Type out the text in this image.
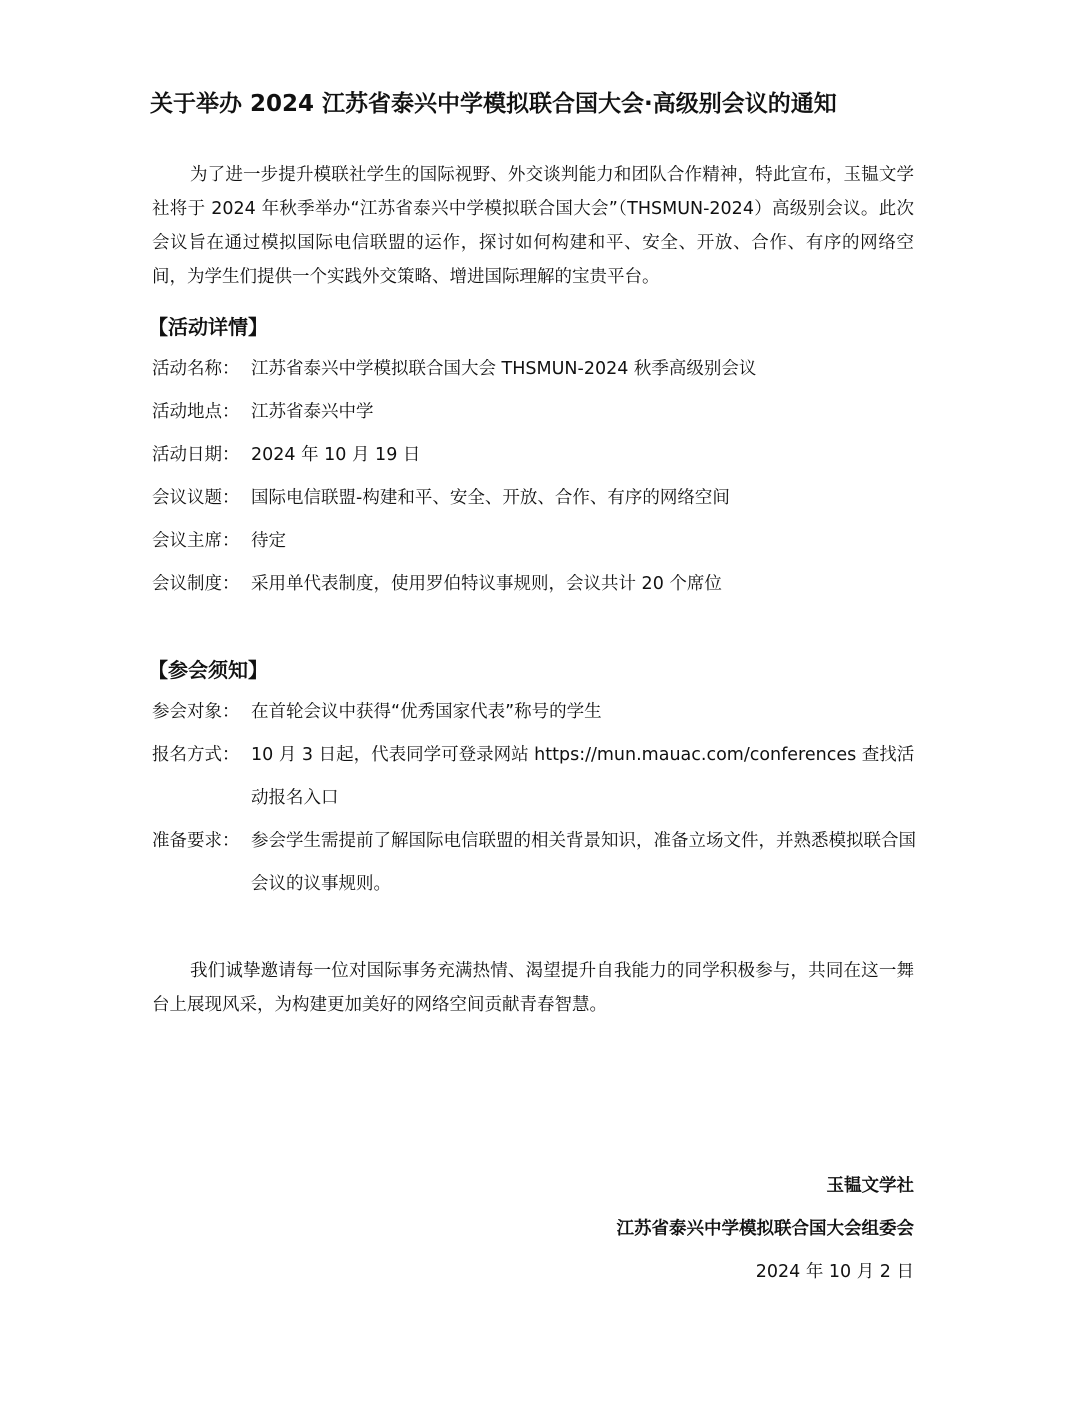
关于举办 2024 江苏省泰兴中学模拟联合国大会·高级别会议的通知

为了进一步提升模联社学生的国际视野、外交谈判能力和团队合作精神，特此宣布，玉韫文学社将于 2024 年秋季举办“江苏省泰兴中学模拟联合国大会”（THSMUN-2024）高级别会议。此次会议旨在通过模拟国际电信联盟的运作，探讨如何构建和平、安全、开放、合作、有序的网络空间，为学生们提供一个实践外交策略、增进国际理解的宝贵平台。

【活动详情】
活动名称： 江苏省泰兴中学模拟联合国大会 THSMUN-2024 秋季高级别会议
活动地点： 江苏省泰兴中学
活动日期： 2024 年 10 月 19 日
会议议题： 国际电信联盟-构建和平、安全、开放、合作、有序的网络空间
会议主席： 待定
会议制度： 采用单代表制度，使用罗伯特议事规则，会议共计 20 个席位
【参会须知】
参会对象： 在首轮会议中获得“优秀国家代表”称号的学生
报名方式： 10 月 3 日起，代表同学可登录网站 https://mun.mauac.com/conferences 查找活动报名入口
准备要求： 参会学生需提前了解国际电信联盟的相关背景知识，准备立场文件，并熟悉模拟联合国会议的议事规则。

我们诚挚邀请每一位对国际事务充满热情、渴望提升自我能力的同学积极参与，共同在这一舞台上展现风采，为构建更加美好的网络空间贡献青春智慧。

玉韫文学社
江苏省泰兴中学模拟联合国大会组委会
2024 年 10 月 2 日
